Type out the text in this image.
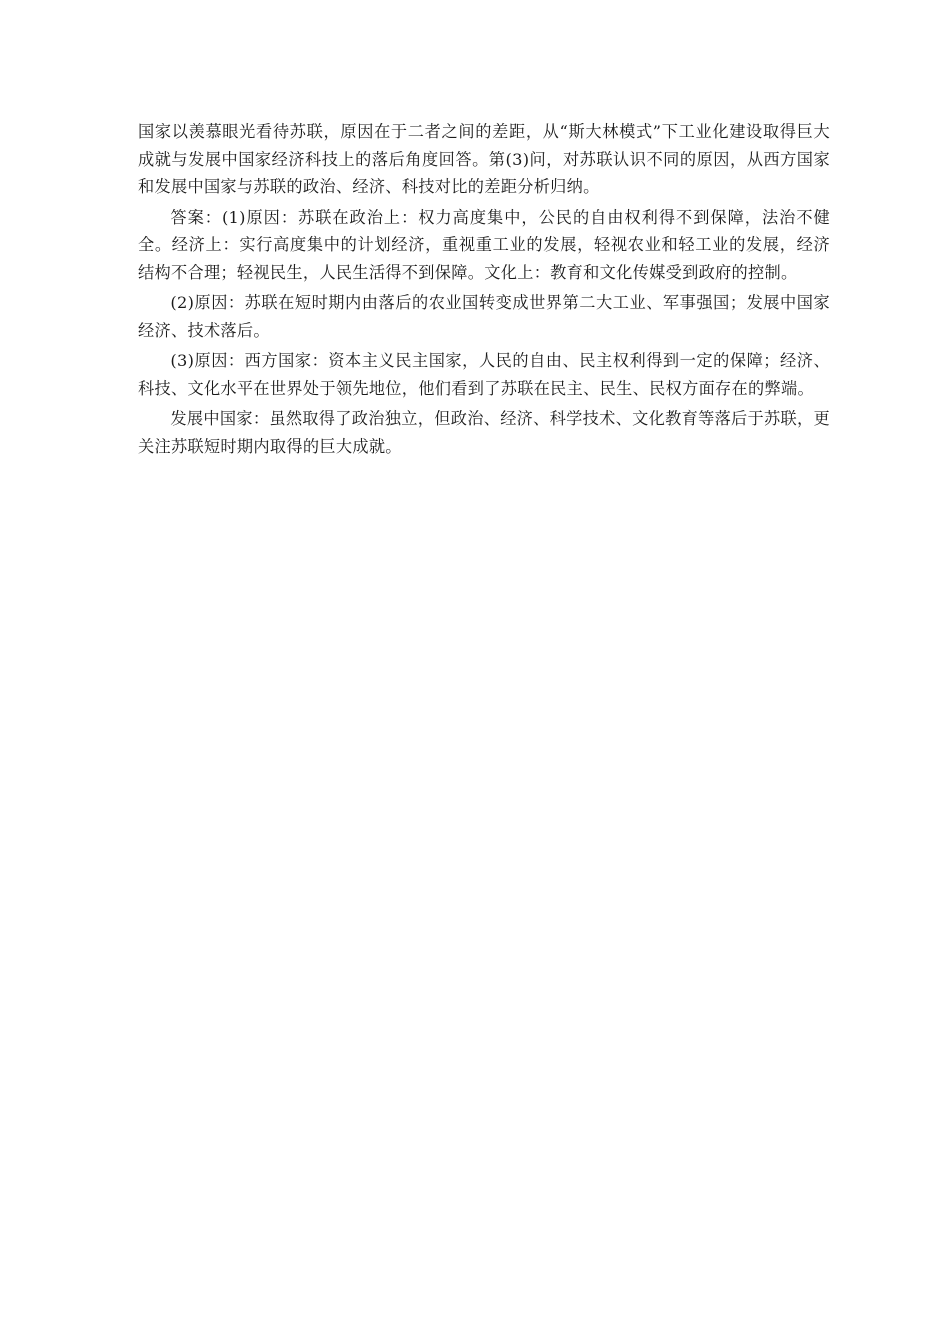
国家以羡慕眼光看待苏联，原因在于二者之间的差距，从“斯大林模式”下工业化建设取得巨大成就与发展中国家经济科技上的落后角度回答。第(3)问，对苏联认识不同的原因，从西方国家和发展中国家与苏联的政治、经济、科技对比的差距分析归纳。

答案：(1)原因：苏联在政治上：权力高度集中，公民的自由权利得不到保障，法治不健全。经济上：实行高度集中的计划经济，重视重工业的发展，轻视农业和轻工业的发展，经济结构不合理；轻视民生，人民生活得不到保障。文化上：教育和文化传媒受到政府的控制。

(2)原因：苏联在短时期内由落后的农业国转变成世界第二大工业、军事强国；发展中国家经济、技术落后。

(3)原因：西方国家：资本主义民主国家，人民的自由、民主权利得到一定的保障；经济、科技、文化水平在世界处于领先地位，他们看到了苏联在民主、民生、民权方面存在的弊端。

发展中国家：虽然取得了政治独立，但政治、经济、科学技术、文化教育等落后于苏联，更关注苏联短时期内取得的巨大成就。
